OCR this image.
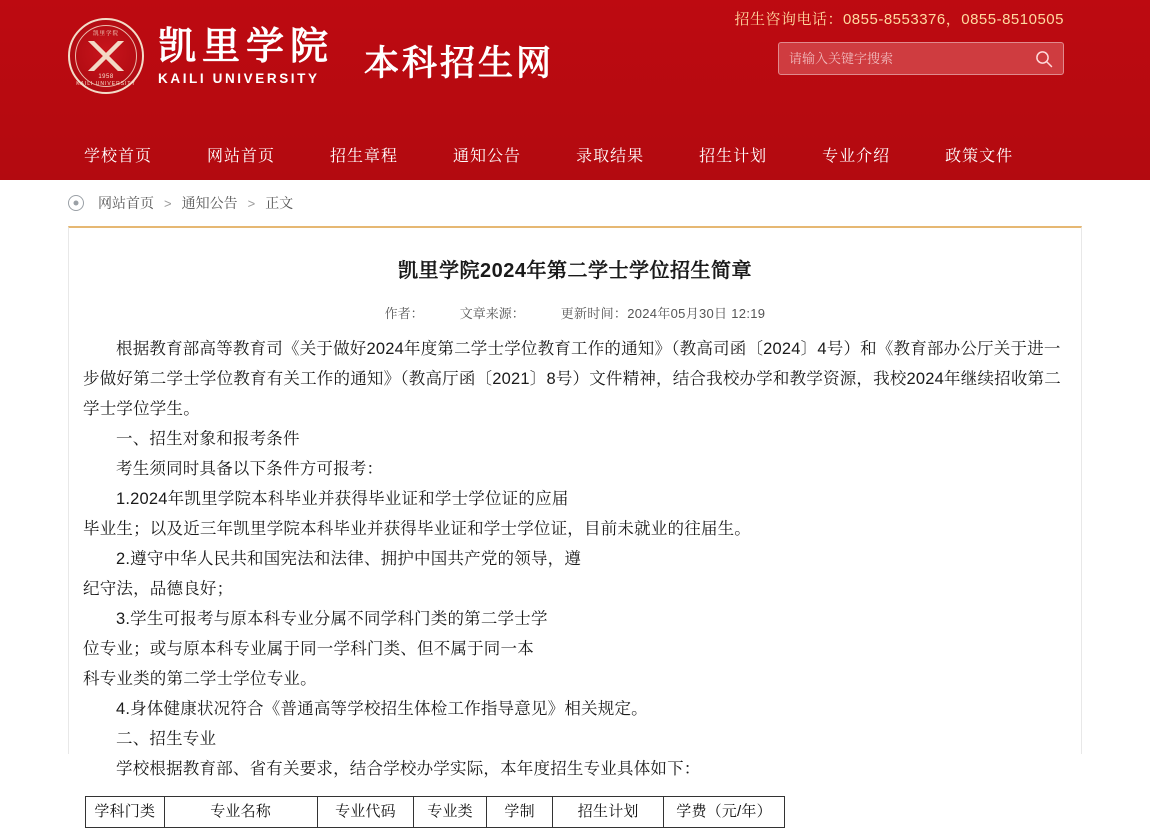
招生咨询电话：0855-8553376，0855-8510505
凯里学院
1958
KAILI UNIVERSITY
凯里学院
KAILI UNIVERSITY	本科招生网
请输入关键字搜索
学校首页	网站首页	招生章程	通知公告	录取结果	招生计划	专业介绍	政策文件
网站首页 > 通知公告 > 正文
凯里学院2024年第二学士学位招生简章
作者：	文章来源：	更新时间：2024年05月30日 12:19

根据教育部高等教育司《关于做好2024年度第二学士学位教育工作的通知》（教高司函〔2024〕4号）和《教育部办公厅关于进一步做好第二学士学位教育有关工作的通知》（教高厅函〔2021〕8号）文件精神，结合我校办学和教学资源，我校2024年继续招收第二学士学位学生。

一、招生对象和报考条件

考生须同时具备以下条件方可报考：

1.2024年凯里学院本科毕业并获得毕业证和学士学位证的应届

毕业生；以及近三年凯里学院本科毕业并获得毕业证和学士学位证，目前未就业的往届生。

2.遵守中华人民共和国宪法和法律、拥护中国共产党的领导，遵

纪守法，品德良好；

3.学生可报考与原本科专业分属不同学科门类的第二学士学

位专业；或与原本科专业属于同一学科门类、但不属于同一本

科专业类的第二学士学位专业。

4.身体健康状况符合《普通高等学校招生体检工作指导意见》相关规定。

二、招生专业

学校根据教育部、省有关要求，结合学校办学实际，本年度招生专业具体如下：

学科门类	专业名称	专业代码	专业类	学制	招生计划	学费（元/年）
